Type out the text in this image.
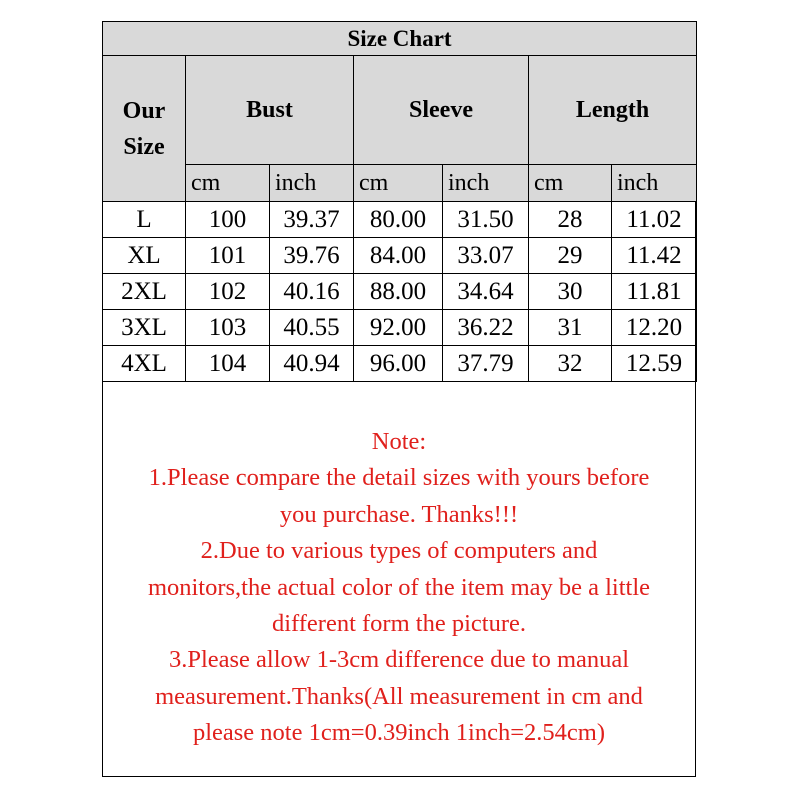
Size Chart						

Our
Size	Bust		Sleeve		Length	
	cm	inch	cm	inch	cm	inch
L	100	39.37	80.00	31.50	28	11.02
XL	101	39.76	84.00	33.07	29	11.42
2XL	102	40.16	88.00	34.64	30	11.81
3XL	103	40.55	92.00	36.22	31	12.20
4XL	104	40.94	96.00	37.79	32	12.59
Note:
1.Please compare the detail sizes with yours before
you purchase. Thanks!!!
2.Due to various types of computers and
monitors,the actual color of the item may be a little
different form the picture.
3.Please allow 1-3cm difference due to manual
measurement.Thanks(All measurement in cm and
please note 1cm=0.39inch 1inch=2.54cm)
